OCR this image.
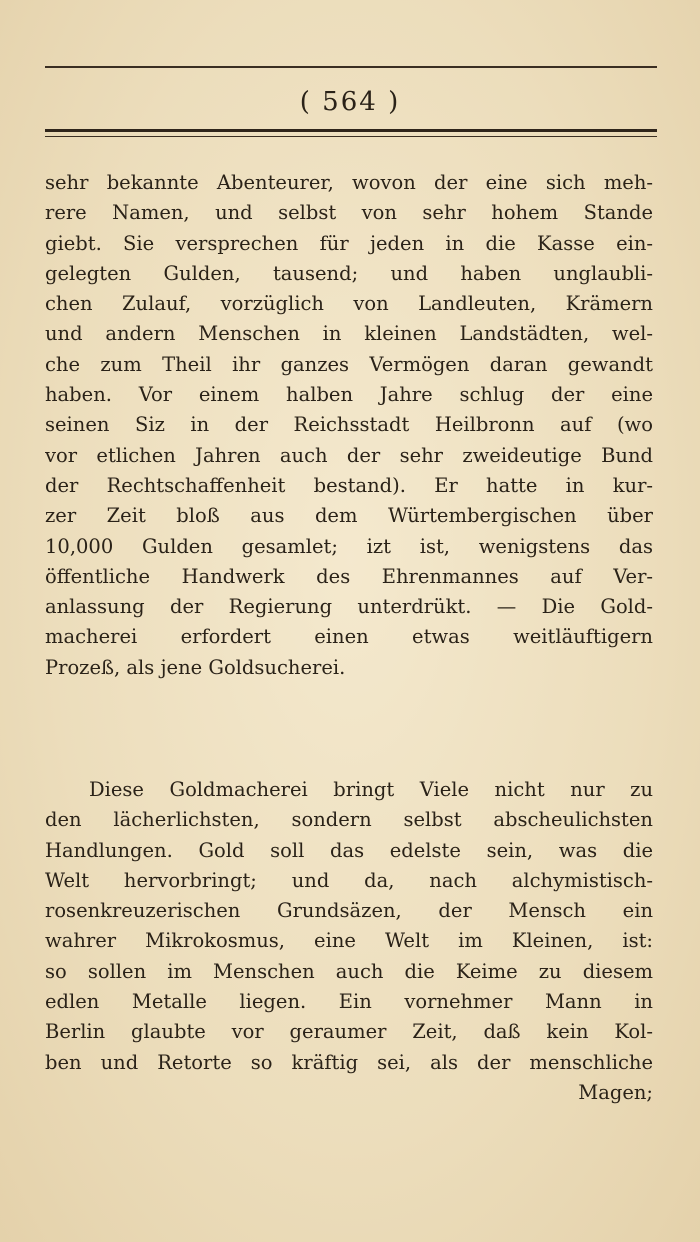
( 564 )
sehr bekannte Abenteurer, wovon der eine sich meh-
rere Namen, und selbst von sehr hohem Stande
giebt. Sie versprechen für jeden in die Kasse ein-
gelegten Gulden, tausend; und haben unglaubli-
chen Zulauf, vorzüglich von Landleuten, Krämern
und andern Menschen in kleinen Landstädten, wel-
che zum Theil ihr ganzes Vermögen daran gewandt
haben. Vor einem halben Jahre schlug der eine
seinen Siz in der Reichsstadt Heilbronn auf (wo
vor etlichen Jahren auch der sehr zweideutige Bund
der Rechtschaffenheit bestand). Er hatte in kur-
zer Zeit bloß aus dem Würtembergischen über
10,000 Gulden gesamlet; izt ist, wenigstens das
öffentliche Handwerk des Ehrenmannes auf Ver-
anlassung der Regierung unterdrükt. — Die Gold-
macherei erfordert einen etwas weitläuftigern
Prozeß, als jene Goldsucherei.
Diese Goldmacherei bringt Viele nicht nur zu
den lächerlichsten, sondern selbst abscheulichsten
Handlungen. Gold soll das edelste sein, was die
Welt hervorbringt; und da, nach alchymistisch-
rosenkreuzerischen Grundsäzen, der Mensch ein
wahrer Mikrokosmus, eine Welt im Kleinen, ist:
so sollen im Menschen auch die Keime zu diesem
edlen Metalle liegen. Ein vornehmer Mann in
Berlin glaubte vor geraumer Zeit, daß kein Kol-
ben und Retorte so kräftig sei, als der menschliche
Magen;
